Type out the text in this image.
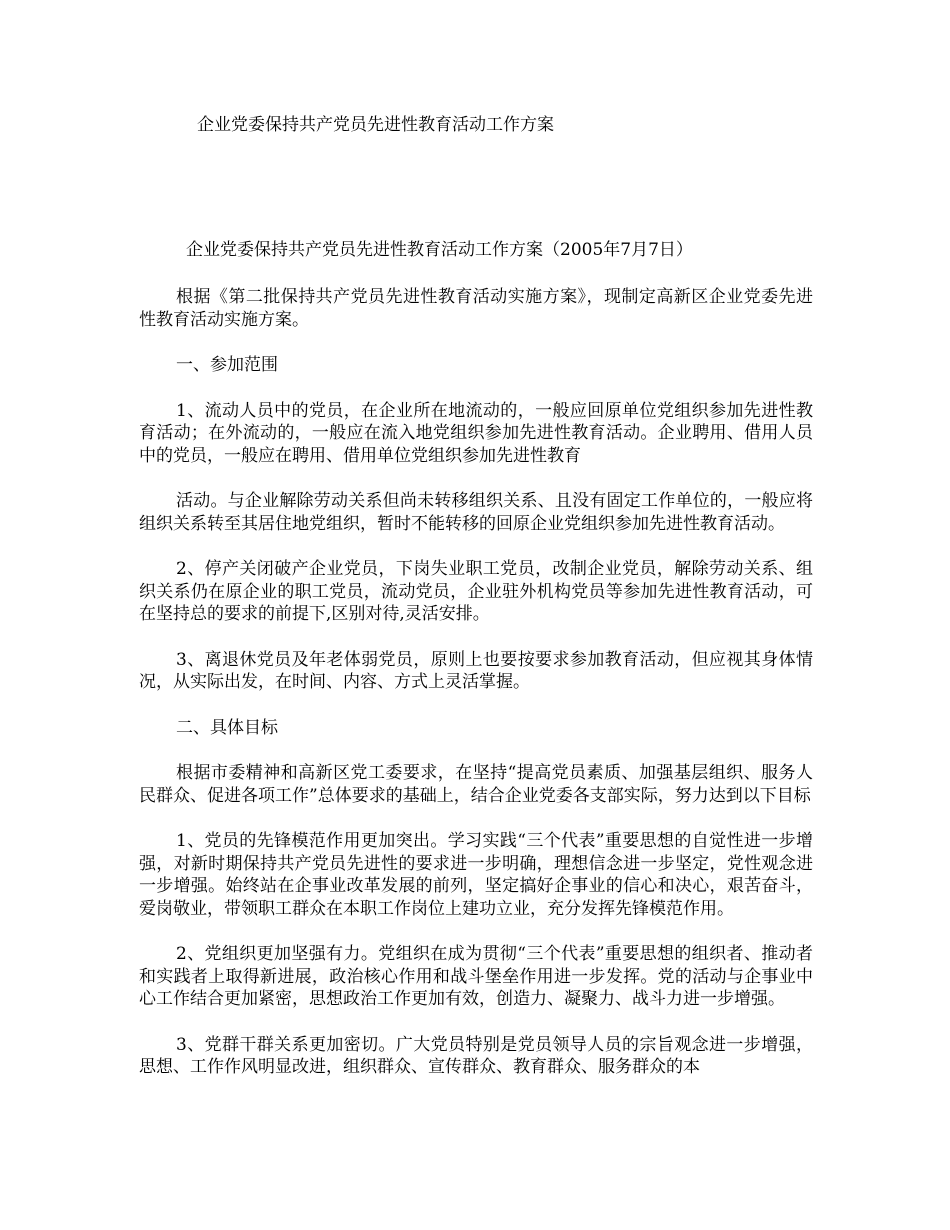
企业党委保持共产党员先进性教育活动工作方案

企业党委保持共产党员先进性教育活动工作方案（2005年7月7日）

根据《第二批保持共产党员先进性教育活动实施方案》，现制定高新区企业党委先进性教育活动实施方案。

一、参加范围

1、流动人员中的党员，在企业所在地流动的，一般应回原单位党组织参加先进性教育活动；在外流动的，一般应在流入地党组织参加先进性教育活动。企业聘用、借用人员中的党员，一般应在聘用、借用单位党组织参加先进性教育

活动。与企业解除劳动关系但尚未转移组织关系、且没有固定工作单位的，一般应将组织关系转至其居住地党组织，暂时不能转移的回原企业党组织参加先进性教育活动。

2、停产关闭破产企业党员，下岗失业职工党员，改制企业党员，解除劳动关系、组织关系仍在原企业的职工党员，流动党员，企业驻外机构党员等参加先进性教育活动，可在坚持总的要求的前提下,区别对待,灵活安排。

3、离退休党员及年老体弱党员，原则上也要按要求参加教育活动，但应视其身体情况，从实际出发，在时间、内容、方式上灵活掌握。

二、具体目标

根据市委精神和高新区党工委要求，在坚持“提高党员素质、加强基层组织、服务人民群众、促进各项工作”总体要求的基础上，结合企业党委各支部实际，努力达到以下目标

1、党员的先锋模范作用更加突出。学习实践“三个代表”重要思想的自觉性进一步增强，对新时期保持共产党员先进性的要求进一步明确，理想信念进一步坚定，党性观念进一步增强。始终站在企事业改革发展的前列，坚定搞好企事业的信心和决心，艰苦奋斗，爱岗敬业，带领职工群众在本职工作岗位上建功立业，充分发挥先锋模范作用。

2、党组织更加坚强有力。党组织在成为贯彻“三个代表”重要思想的组织者、推动者和实践者上取得新进展，政治核心作用和战斗堡垒作用进一步发挥。党的活动与企事业中心工作结合更加紧密，思想政治工作更加有效，创造力、凝聚力、战斗力进一步增强。

3、党群干群关系更加密切。广大党员特别是党员领导人员的宗旨观念进一步增强，思想、工作作风明显改进，组织群众、宣传群众、教育群众、服务群众的本
